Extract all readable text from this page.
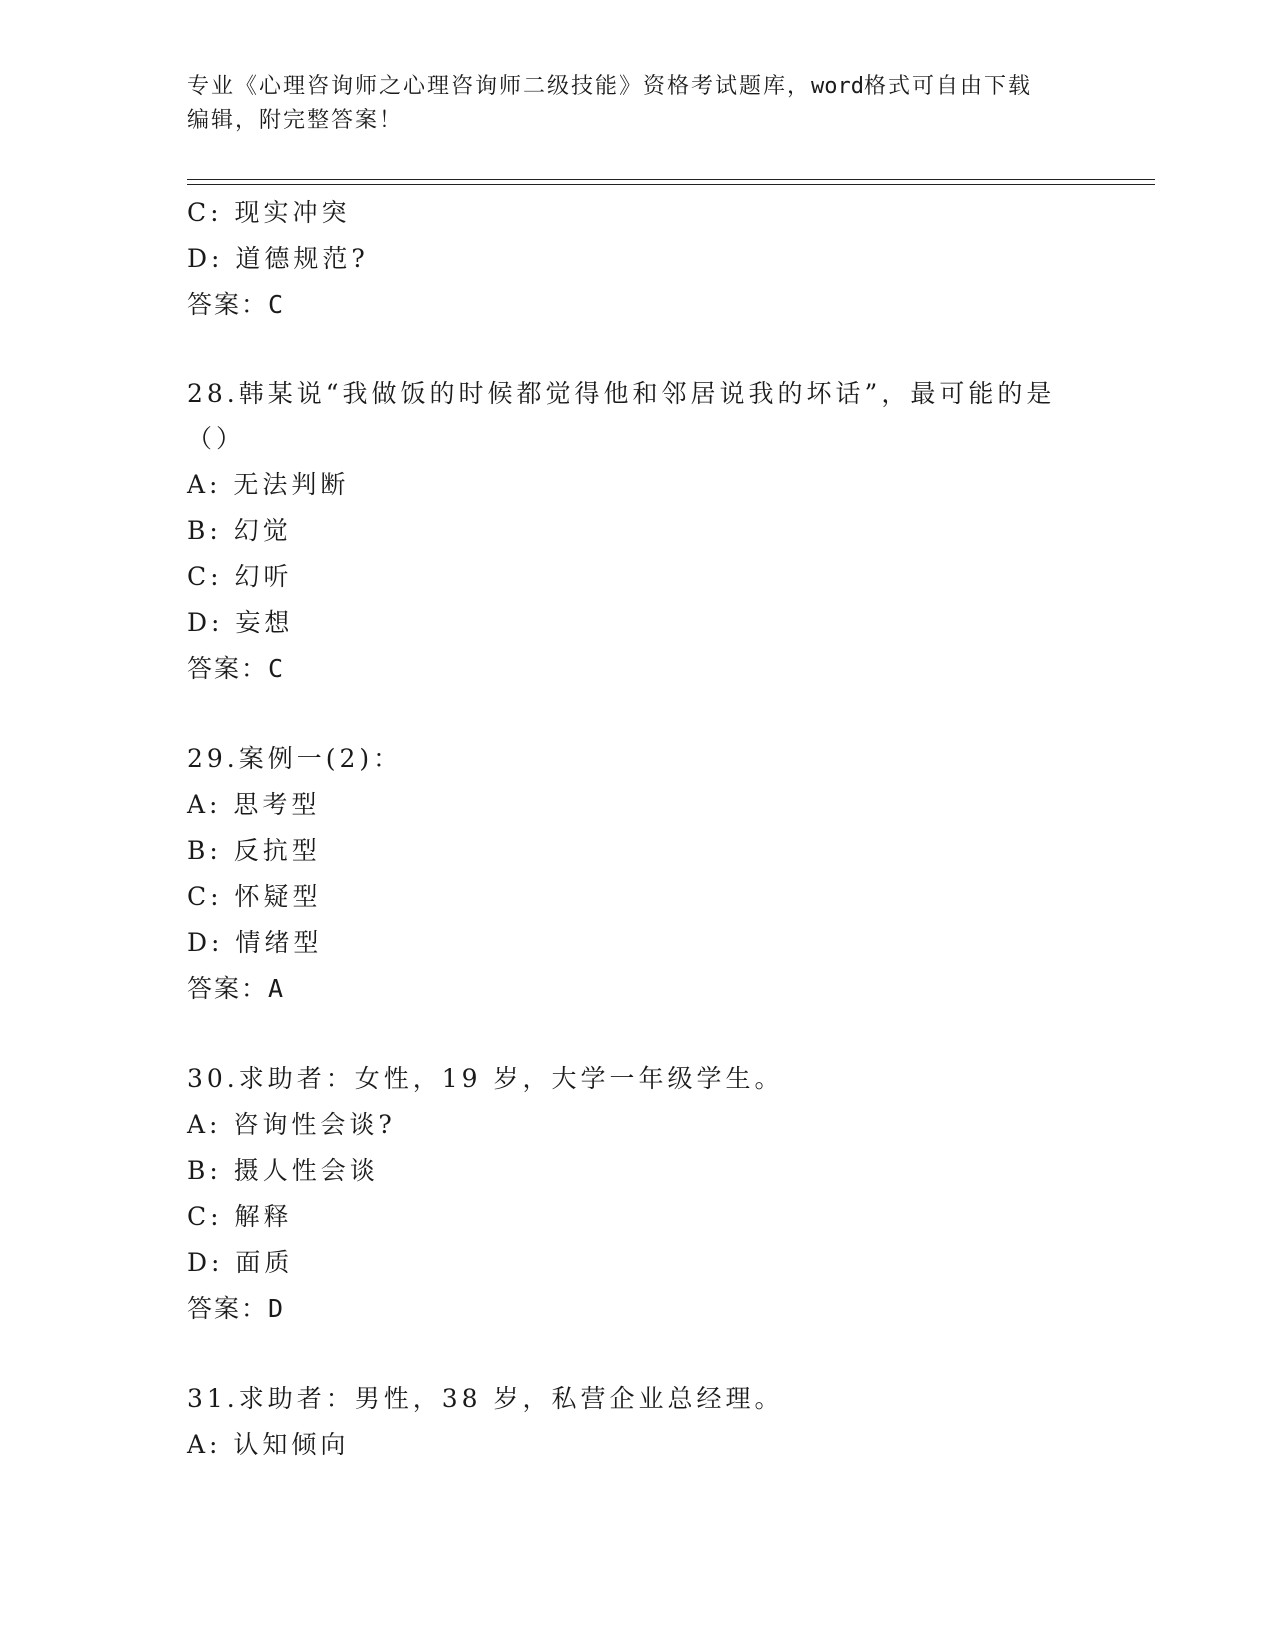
专业《心理咨询师之心理咨询师二级技能》资格考试题库，word格式可自由下载
编辑，附完整答案！
C: 现实冲突
D: 道德规范?
答案：C
28.韩某说“我做饭的时候都觉得他和邻居说我的坏话”，最可能的是
（）
A: 无法判断
B: 幻觉
C: 幻听
D: 妄想
答案：C
29.案例一(2)：
A: 思考型
B: 反抗型
C: 怀疑型
D: 情绪型
答案：A
30.求助者：女性，19 岁，大学一年级学生。
A: 咨询性会谈?
B: 摄人性会谈
C: 解释
D: 面质
答案：D
31.求助者：男性，38 岁，私营企业总经理。
A: 认知倾向
